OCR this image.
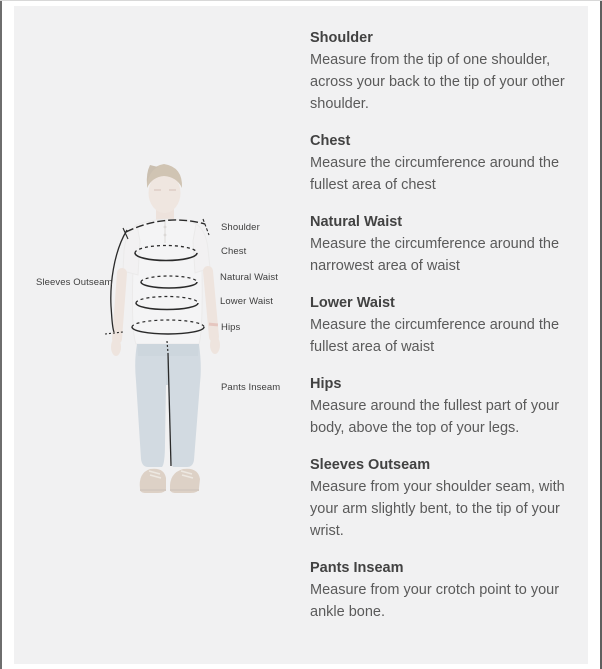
Shoulder
Chest
Natural Waist
Lower Waist
Hips
Pants Inseam
Sleeves Outseam
Shoulder

Measure from the tip of one shoulder, across your back to the tip of your other shoulder.

Chest

Measure the circumference around the fullest area of chest

Natural Waist

Measure the circumference around the narrowest area of waist

Lower Waist

Measure the circumference around the fullest area of waist

Hips

Measure around the fullest part of your body, above the top of your legs.

Sleeves Outseam

Measure from your shoulder seam, with your arm slightly bent, to the tip of your wrist.

Pants Inseam

Measure from your crotch point to your ankle bone.
